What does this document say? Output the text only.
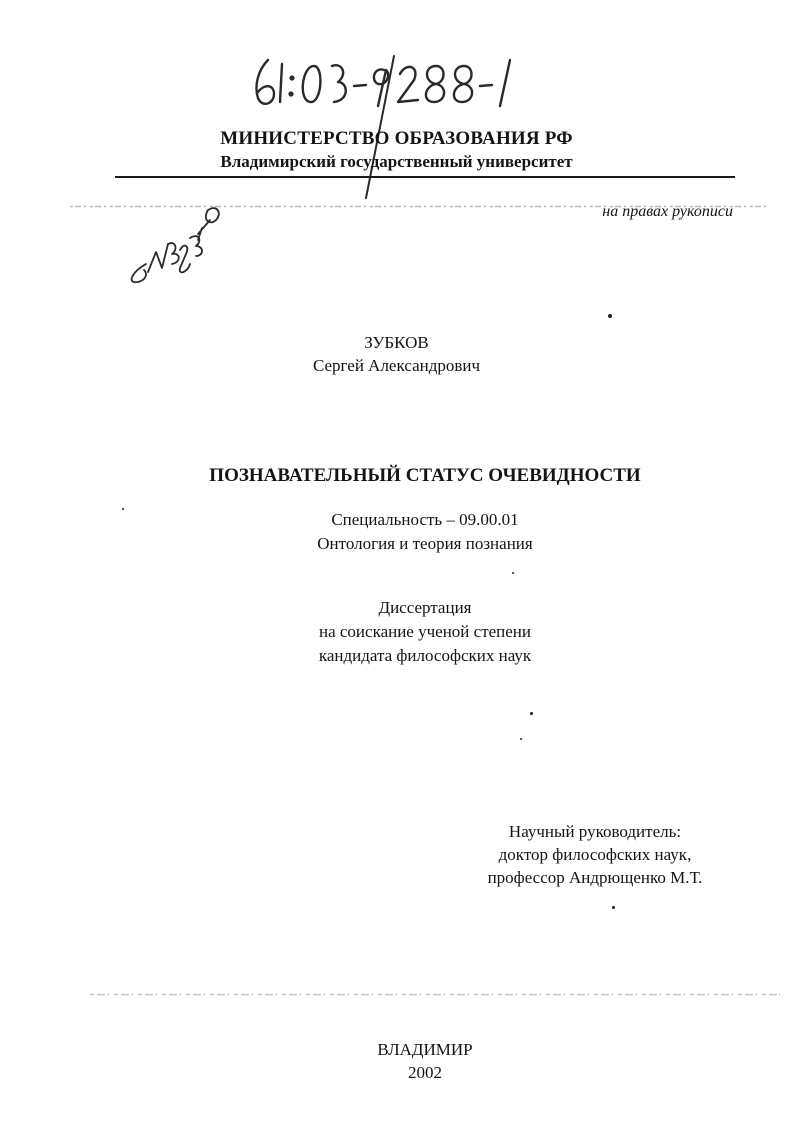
МИНИСТЕРСТВО ОБРАЗОВАНИЯ РФ
Владимирский государственный университет
на правах рукописи
ЗУБКОВ
Сергей Александрович
ПОЗНАВАТЕЛЬНЫЙ СТАТУС ОЧЕВИДНОСТИ
Специальность – 09.00.01
Онтология и теория познания
Диссертация
на соискание ученой степени
кандидата философских наук
Научный руководитель:
доктор философских наук,
профессор Андрющенко М.Т.
ВЛАДИМИР
2002
